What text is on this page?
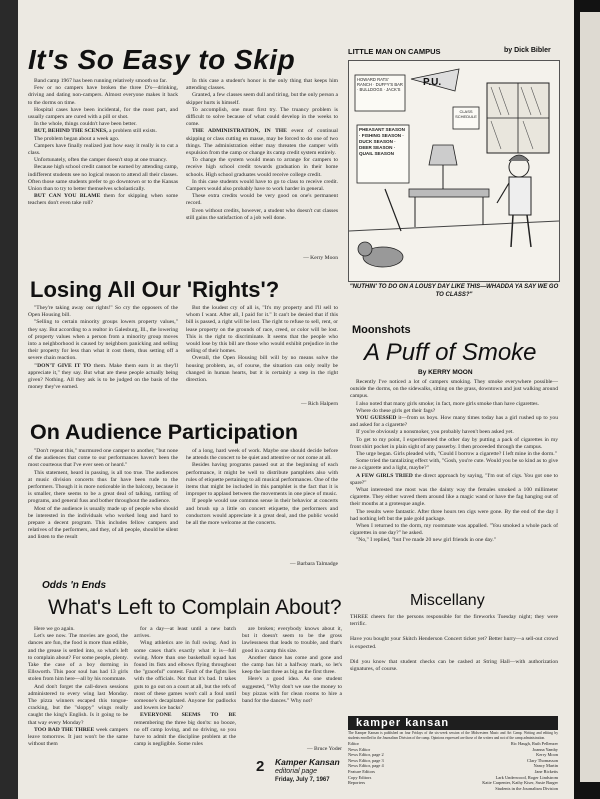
It's So Easy to Skip

Band camp 1967 has been running relatively smooth so far.

Few or no campers have broken the three D's—drinking, driving and dating non-campers. Almost everyone makes it back to the dorms on time.

Hospital cases have been incidental, for the most part, and usually campers are cured with a pill or shot.

In the whole, things couldn't have been better.

BUT, BEHIND THE SCENES, a problem still exists.

The problem began about a week ago.

Campers have finally realized just how easy it really is to cut a class.

Unfortunately, often the camper doesn't stop at one truancy.

Because high school credit cannot be earned by attending camp, indifferent students see no logical reason to attend all their classes. Often those same students prefer to go downtown or to the Kansas Union than to try to better themselves scholastically.

BUT CAN YOU BLAME them for skipping when some teachers don't even take roll?

In this case a student's honor is the only thing that keeps him attending classes.

Granted, a few classes seem dull and tiring, but the only person a skipper hurts is himself.

To accomplish, one must first try. The truancy problem is difficult to solve because of what could develop in the weeks to come.

THE ADMINISTRATION, IN THE event of continual skipping or class cutting en masse, may be forced to do one of two things. The administration either may threaten the camper with expulsion from the camp or change its camp credit system entirely.

To change the system would mean to arrange for campers to receive high school credit towards graduation in their home schools. High school graduates would receive college credit.

In this case students would have to go to class to receive credit. Campers would also probably have to work harder in general.

These extra credits would be very good on one's permanent record.

Even without credits, however, a student who doesn't cut classes still gains the satisfaction of a job well done.

— Kerry Moon
LITTLE MAN ON CAMPUS	by Dick Bibler
P.U.
HOWARD RATS' RANCH · DUFFY'S BAR · BULLDOGS · JACK'S
PHEASANT SEASON · FISHING SEASON · DUCK SEASON · DEER SEASON · QUAIL SEASON
CLASS SCHEDULE
"NUTHIN' TO DO ON A LOUSY DAY LIKE THIS—WHADDA YA SAY WE GO TO CLASS?"
Losing All Our 'Rights'?

"They're taking away our rights!" So cry the opposers of the Open Housing bill.

"Selling to certain minority groups lowers property values," they say. But according to a realtor in Galesburg, Ill., the lowering of property values when a person from a minority group moves into a neighborhood is caused by neighbors panicking and selling their property for less than what it cost them, thus setting off a severe chain reaction.

"DON'T GIVE IT TO them. Make them earn it as they'll appreciate it," they say. But what are these people actually being given? Nothing. All they ask is to be judged on the basis of the money they've earned.

But the loudest cry of all is, "It's my property and I'll sell to whom I want. After all, I paid for it." It can't be denied that if this bill is passed, a right will be lost. The right to refuse to sell, rent, or lease property on the grounds of race, creed, or color will be lost. This is the right to discriminate. It seems that the people who would lose by this bill are those who would exhibit prejudice in the selling of their homes.

Overall, the Open Housing bill will by no means solve the housing problem, as, of course, the situation can only really be changed in human hearts, but it is certainly a step in the right direction.

— Rich Halpern
On Audience Participation

"Don't repeat this," murmured one camper to another, "but none of the audiences that come to our performances haven't been the most courteous that I've ever seen or heard."

This statement, heard in passing, is all too true. The audiences at music division concerts thus far have been rude to the performers. Though it is more noticeable in the balcony, because it is smaller, there seems to be a great deal of talking, rattling of programs, and general fuss and bother throughout the audience.

Most of the audience is usually made up of people who should be interested in the individuals who worked long and hard to prepare a decent program. This includes fellow campers and relatives of the performers, and they, of all people, should be silent and listen to the result

of a long, hard week of work. Maybe one should decide before he attends the concert to be quiet and attentive or not come at all.

Besides having programs passed out at the beginning of each performance, it might be well to distribute pamphlets also with rules of etiquette pertaining to all musical performances. One of the items that might be included in this pamphlet is the fact that it is improper to applaud between the movements in one piece of music.

If people would use common sense in their behavior at concerts and brush up a little on concert etiquette, the performers and conductors would appreciate it a great deal, and the public would be all the more welcome at the concerts.

— Barbara Talmadge
Odds 'n Ends
What's Left to Complain About?

Here we go again.

Let's see now. The movies are good, the dances are fun, the food is more than edible, and the grease is settled into, so what's left to complain about? For some people, plenty. Take the case of a boy dorming in Ellsworth. This poor soul has had 13 girls stolen from him here—all by his roommate.

And don't forget the call-down sessions administered to every wing last Monday. The pizza winners escaped this tongue-cracking, but the "sloppy" wings really caught the king's English. Is it going to be that way every Monday?

TOO BAD THE THREE week campers leave tomorrow. It just won't be the same without them

for a day—at least until a new batch arrives.

Wing athletics are in full swing. And in some cases that's exactly what it is—full swing. More than one basketball squad has found its fists and elbows flying throughout the "graceful" contest. Fault of the fights lies with the officials. Not that it's bad. It takes guts to go out on a court at all, but the refs of most of these games won't call a foul until someone's decapitated. Anyone for padlocks and lowers ice backs?

EVERYONE SEEMS TO BE remembering the three big don'ts: no booze, no off camp loving, and no driving, so you have to admit the discipline problem at the camp is negligible. Some rules

are broken; everybody knows about it, but it doesn't seem to be the gross lawlessness that leads to trouble, and that's good in a camp this size.

Another dance has come and gone and the camp has hit a halfway mark, so let's keep the last three as big as the first three.

Here's a good idea. As one student suggested, "Why don't we use the money to buy pizzas with for clean rooms to hire a band for the dances." Why not?

— Bruce Yoder
2 Kamper Kansan
editorial page
Friday, July 7, 1967
Moonshots
A Puff of Smoke
By KERRY MOON

Recently I've noticed a lot of campers smoking. They smoke everywhere possible—outside the dorms, on the sidewalks, sitting on the grass, downtown and just walking around campus.

I also noted that many girls smoke; in fact, more girls smoke than have cigarettes.

Where do these girls get their fags?

YOU GUESSED it—from us boys. How many times today has a girl rushed up to you and asked for a cigarette?

If you're obviously a nonsmoker, you probably haven't been asked yet.

To get to my point, I experimented the other day by putting a pack of cigarettes in my front shirt pocket in plain sight of any passerby. I then proceeded through the campus.

The urge began. Girls pleaded with, "Could I borrow a cigarette? I left mine in the dorm."

Some tried the tantalizing effect with, "Gosh, you're cute. Would you be so kind as to give me a cigarette and a light, maybe?"

A FEW GIRLS TRIED the direct approach by saying, "I'm out of cigs. You got one to spare?"

What interested me most was the dainty way the females smoked a 100 millimeter cigarette. They either waved them around like a magic wand or have the fag hanging out of their mouths at a grotesque angle.

The results were fantastic. After three hours ten cigs were gone. By the end of the day I had nothing left but the pale gold package.

When I returned to the dorm, my roommate was appalled. "You smoked a whole pack of cigarettes in one day?" he asked.

"No," I replied, "but I've made 20 new girl friends in one day."

Miscellany

THREE cheers for the persons responsible for the fireworks Tuesday night; they were terrific.

Have you bought your Skitch Henderson Concert ticket yet? Better hurry—a sell-out crowd is expected.

Did you know that student checks can be cashed at String Hall—with authorization signatures, of course.

kamper kansan
The Kamper Kansan is published on four Fridays of the six-week session of the Midwestern Music and Art Camp. Writing and editing by students enrolled in the Journalism Division of the camp. Opinions expressed are those of the writers and not of the camp administration.
Editor	Ric Haugh, Ruth Pellenzer
News Editor	Joanna Yamby
News Editor, page 2	Kerry Moon
News Editor, page 3	Clary Thomasson
News Editor, page 4	Nancy Martin
Feature Editors	Jane Ricketts
Copy Editors	Lark Underwood, Roger Lindstrom
Reporters	Katie Carpenter, Kathy Kiser, Susie Barger
Students in the Journalism Division
